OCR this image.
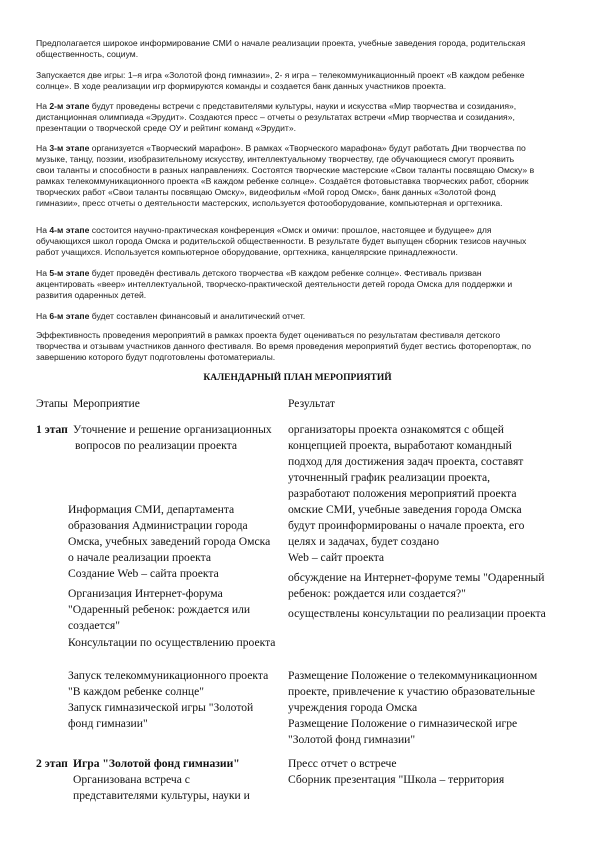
Предполагается широкое информирование СМИ о начале реализации проекта, учебные заведения города, родительская

общественность, социум.

Запускается две игры: 1–я игра «Золотой фонд гимназии», 2- я игра – телекоммуникационный проект «В каждом ребенке

солнце». В ходе реализации игр формируются команды и создается банк данных участников проекта.

На 2-м этапе будут проведены встречи с представителями культуры, науки и искусства «Мир творчества и созидания»,

дистанционная олимпиада «Эрудит». Создаются пресс – отчеты о результатах встречи «Мир творчества и созидания»,

презентации о творческой среде ОУ и рейтинг команд «Эрудит».

На 3-м этапе организуется «Творческий марафон». В рамках «Творческого марафона» будут работать Дни творчества по

музыке, танцу, поэзии, изобразительному искусству, интеллектуальному творчеству, где обучающиеся смогут проявить

свои таланты и способности в разных направлениях. Состоятся творческие мастерские «Свои таланты посвящаю Омску» в

рамках телекоммуникационного проекта «В каждом ребенке солнце». Создаётся фотовыставка творческих работ, сборник

творческих работ «Свои таланты посвящаю Омску», видеофильм «Мой город Омск», банк данных «Золотой фонд

гимназии», пресс отчеты о деятельности мастерских, используется фотооборудование, компьютерная и оргтехника.

На 4-м этапе состоится научно-практическая конференция «Омск и омичи: прошлое, настоящее и будущее» для

обучающихся школ города Омска и родительской общественности. В результате будет выпущен сборник тезисов научных

работ учащихся. Используется компьютерное оборудование, оргтехника, канцелярские принадлежности.

На 5-м этапе будет проведён фестиваль детского творчества «В каждом ребенке солнце». Фестиваль призван

акцентировать «веер» интеллектуальной, творческо-практической деятельности детей города Омска для поддержки и

развития одаренных детей.

На 6-м этапе будет составлен финансовый и аналитический отчет.

Эффективность проведения мероприятий в рамках проекта будет оцениваться по результатам фестиваля детского

творчества и отзывам участников данного фестиваля. Во время проведения мероприятий будет вестись фоторепортаж, по

завершению которого будут подготовлены фотоматериалы.

КАЛЕНДАРНЫЙ ПЛАН МЕРОПРИЯТИЙ
Этапы Мероприятие	Результат
1 этап Уточнение и решение организационных
вопросов по реализации проекта
организаторы проекта ознакомятся с общей
концепцией проекта, выработают командный
подход для достижения задач проекта, составят
уточненный график реализации проекта,
разработают положения мероприятий проекта
Информация СМИ, департамента
образования Администрации города
Омска, учебных заведений города Омска
о начале реализации проекта
Создание Web – сайта проекта
омские СМИ, учебные заведения города Омска
будут проинформированы о начале проекта, его
целях и задачах, будет создано
Web – сайт проекта
Организация Интернет-форума
"Одаренный ребенок: рождается или
создается"
обсуждение на Интернет-форуме темы "Одаренный
ребенок: рождается или создается?"
Консультации по осуществлению проекта
осуществлены консультации по реализации проекта
Запуск телекоммуникационного проекта
"В каждом ребенке солнце"
Запуск гимназической игры "Золотой
фонд гимназии"
Размещение Положение о телекоммуникационном
проекте, привлечение к участию образовательные
учреждения города Омска
Размещение Положение о гимназической игре
"Золотой фонд гимназии"
2 этап Игра "Золотой фонд гимназии"
Организована встреча с
представителями культуры, науки и
Пресс отчет о встрече
Сборник презентация "Школа – территория
